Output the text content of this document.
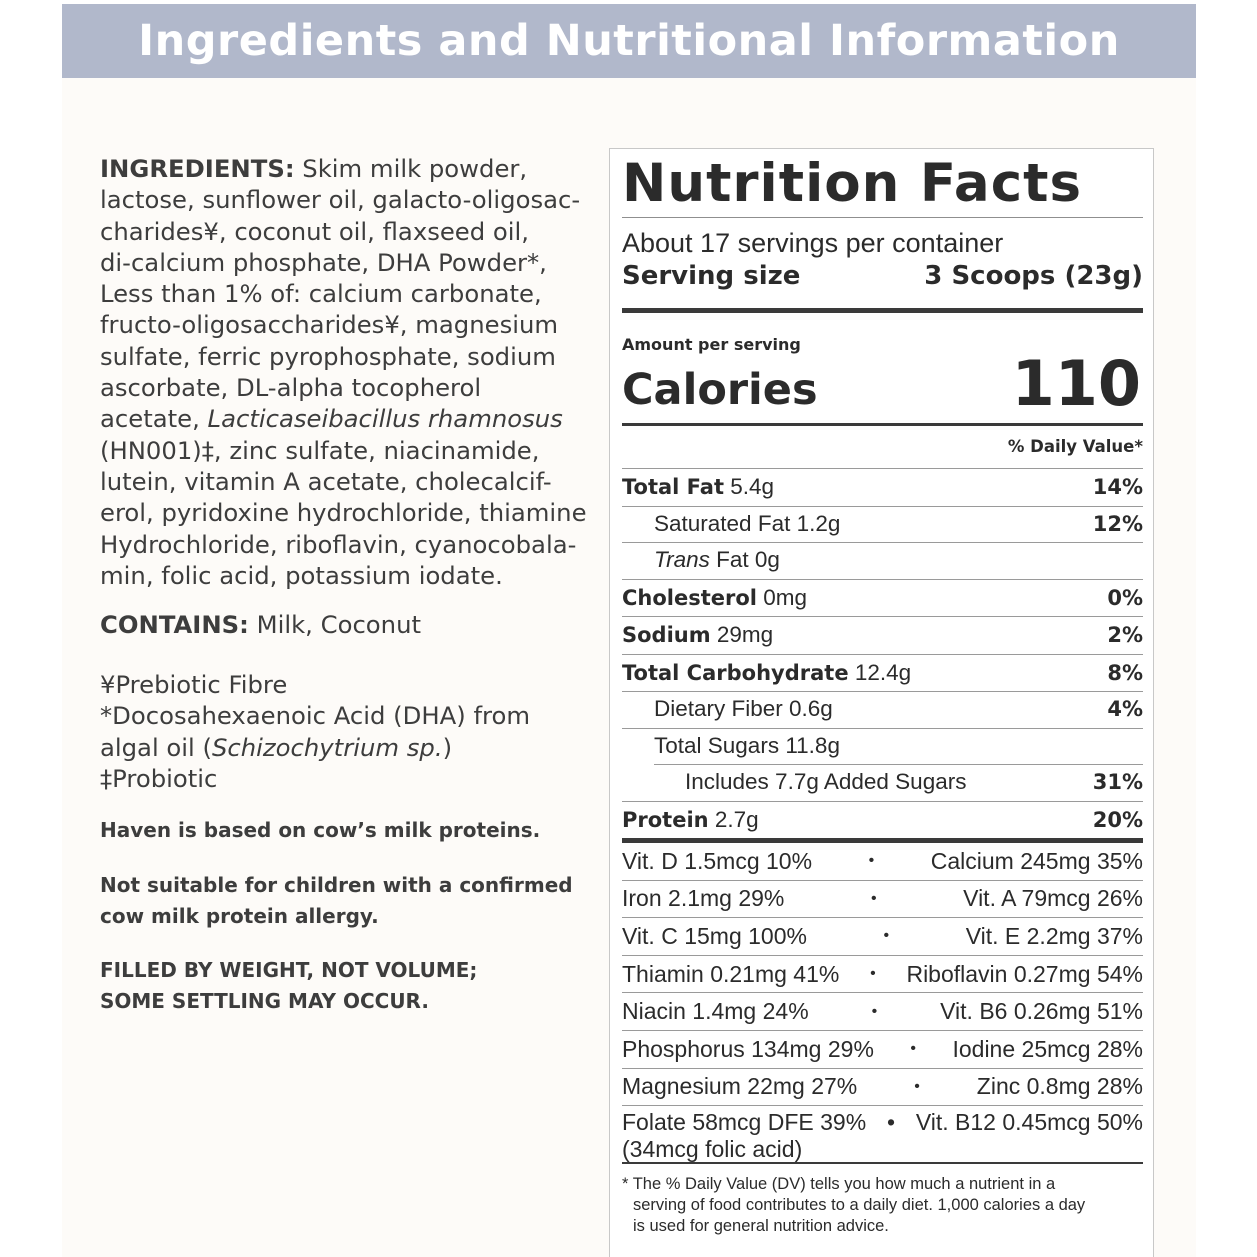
Ingredients and Nutritional Information

INGREDIENTS: Skim milk powder,
lactose, sunflower oil, galacto-oligosac-
charides¥, coconut oil, flaxseed oil,
di-calcium phosphate, DHA Powder*,
Less than 1% of: calcium carbonate,
fructo-oligosaccharides¥, magnesium
sulfate, ferric pyrophosphate, sodium
ascorbate, DL-alpha tocopherol
acetate, Lacticaseibacillus rhamnosus
(HN001)‡, zinc sulfate, niacinamide,
lutein, vitamin A acetate, cholecalcif-
erol, pyridoxine hydrochloride, thiamine
Hydrochloride, riboflavin, cyanocobala-
min, folic acid, potassium iodate.

CONTAINS: Milk, Coconut

¥Prebiotic Fibre
*Docosahexaenoic Acid (DHA) from
algal oil (Schizochytrium sp.)
‡Probiotic
Haven is based on cow’s milk proteins.
Not suitable for children with a confirmed
cow milk protein allergy.
FILLED BY WEIGHT, NOT VOLUME;
SOME SETTLING MAY OCCUR.
Nutrition Facts
About 17 servings per container
Serving size	3 Scoops (23g)
Amount per serving
Calories	110
% Daily Value*
Total Fat 5.4g	14%
Saturated Fat 1.2g	12%
Trans Fat 0g
Cholesterol 0mg	0%
Sodium 29mg	2%
Total Carbohydrate 12.4g	8%
Dietary Fiber 0.6g	4%
Total Sugars 11.8g
Includes 7.7g Added Sugars	31%
Protein 2.7g	20%
Vit. D 1.5mcg 10%	• Calcium 245mg 35%
Iron 2.1mg 29%	•	Vit. A 79mcg 26%
Vit. C 15mg 100%	•	Vit. E 2.2mg 37%
Thiamin 0.21mg 41% • Riboflavin 0.27mg 54%
Niacin 1.4mg 24%	•	Vit. B6 0.26mg 51%
Phosphorus 134mg 29% • Iodine 25mcg 28%
Magnesium 22mg 27%	• Zinc 0.8mg 28%
Folate 58mcg DFE 39% • Vit. B12 0.45mcg 50%
(34mcg folic acid)
* The % Daily Value (DV) tells you how much a nutrient in a
serving of food contributes to a daily diet. 1,000 calories a day
is used for general nutrition advice.
